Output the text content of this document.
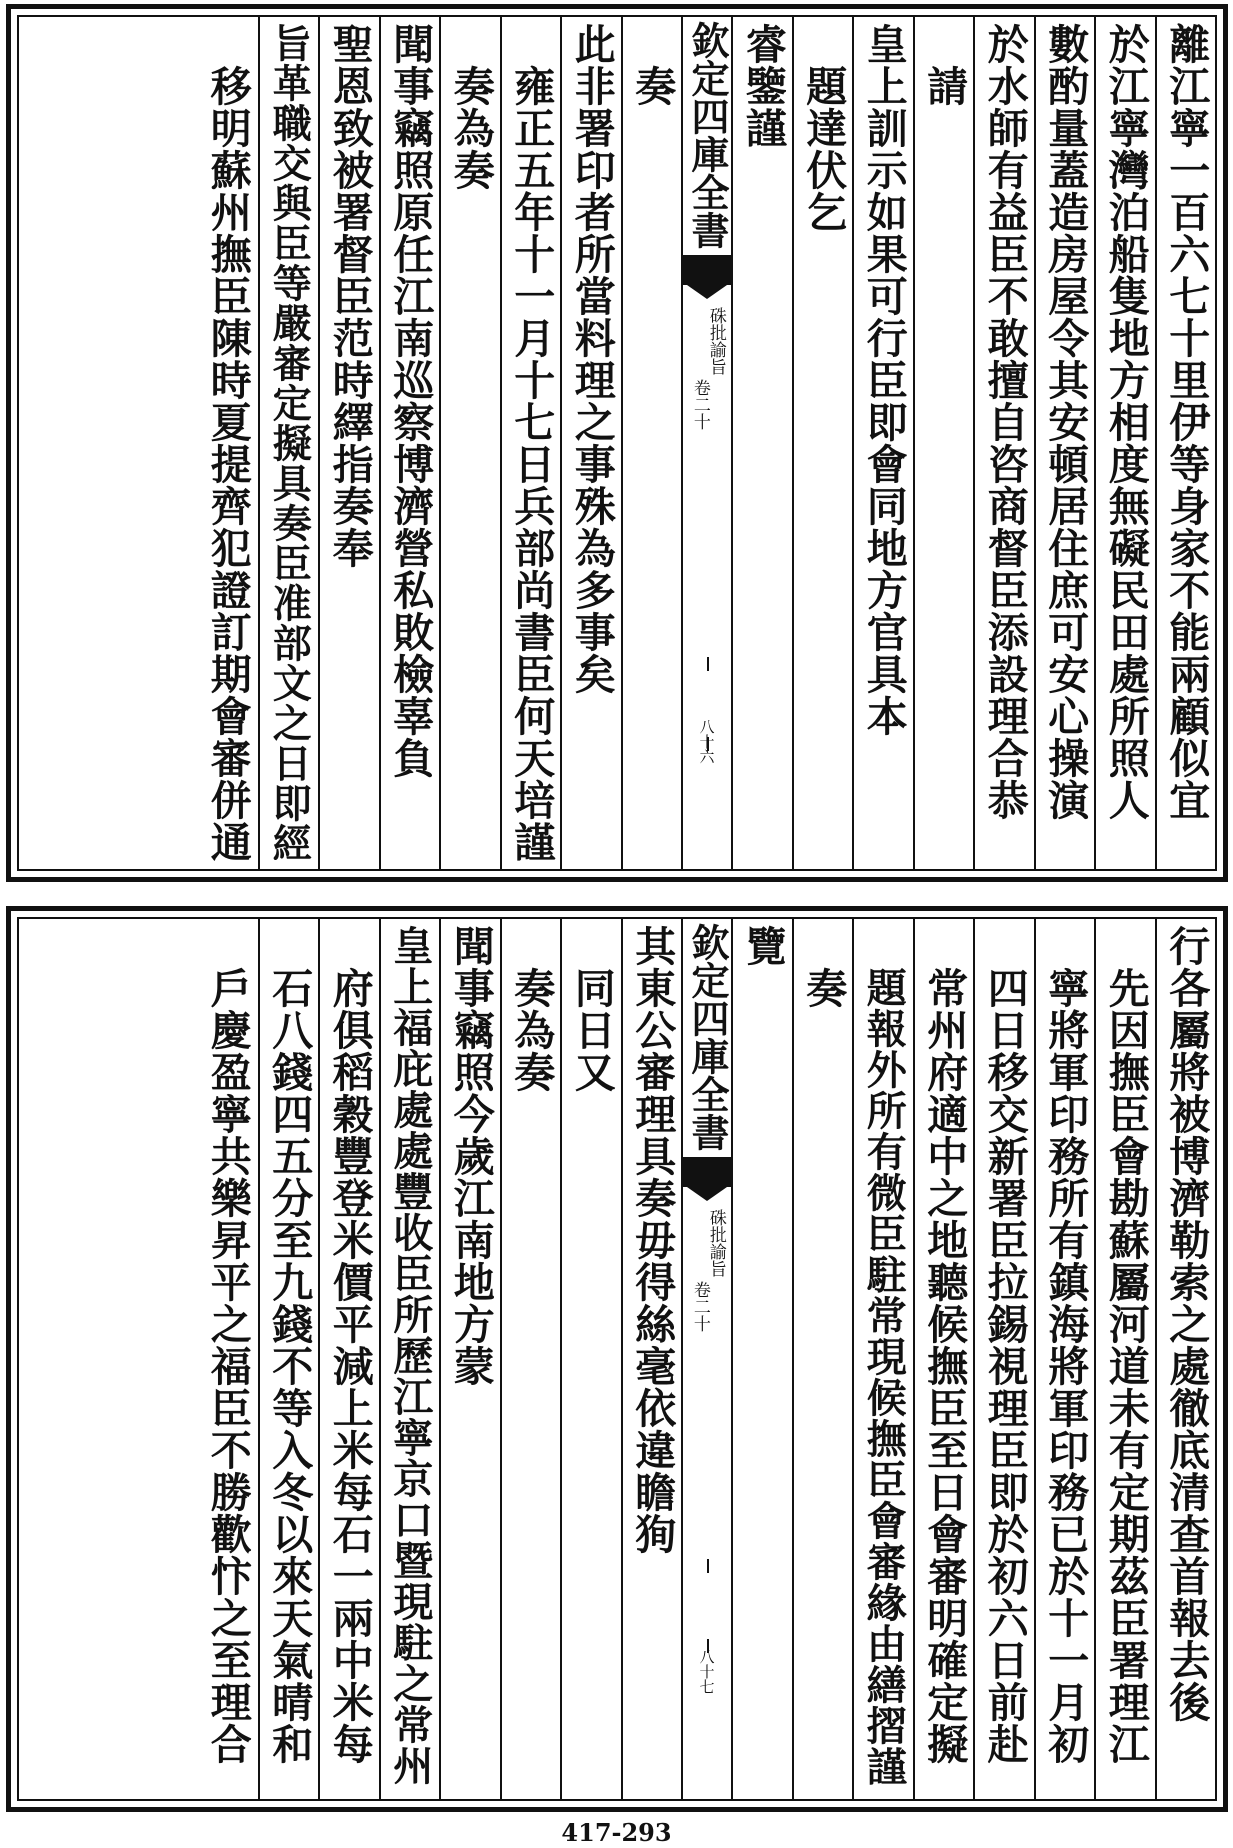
離江寧一百六七十里伊等身家不能兩顧似宜
於江寧灣泊船隻地方相度無礙民田處所照人
數酌量蓋造房屋令其安頓居住庶可安心操演
於水師有益臣不敢擅自咨商督臣添設理合恭
請
皇上訓示如果可行臣即會同地方官具本
題達伏乞
睿鑒謹
欽定四庫全書
硃批諭旨
卷二十
八十六
奏
此非署印者所當料理之事殊為多事矣
雍正五年十一月十七日兵部尚書臣何天培謹
奏為奏
聞事竊照原任江南巡察博濟營私敗檢辜負
聖恩致被署督臣范時繹指奏奉
旨革職交與臣等嚴審定擬具奏臣准部文之日即經
移明蘇州撫臣陳時夏提齊犯證訂期會審併通
行各屬將被博濟勒索之處徹底清查首報去後
先因撫臣會勘蘇屬河道未有定期茲臣署理江
寧將軍印務所有鎮海將軍印務已於十一月初
四日移交新署臣拉錫視理臣即於初六日前赴
常州府適中之地聽候撫臣至日會審明確定擬
題報外所有微臣駐常現候撫臣會審緣由繕摺謹
奏
覽
欽定四庫全書
硃批諭旨
卷二十
八十七
其東公審理具奏毋得絲毫依違瞻狥
同日又
奏為奏
聞事竊照今歲江南地方蒙
皇上福庇處處豐收臣所歷江寧京口暨現駐之常州
府俱稻穀豐登米價平減上米每石一兩中米每
石八錢四五分至九錢不等入冬以來天氣晴和
戶慶盈寧共樂昇平之福臣不勝歡忭之至理合
417-293
